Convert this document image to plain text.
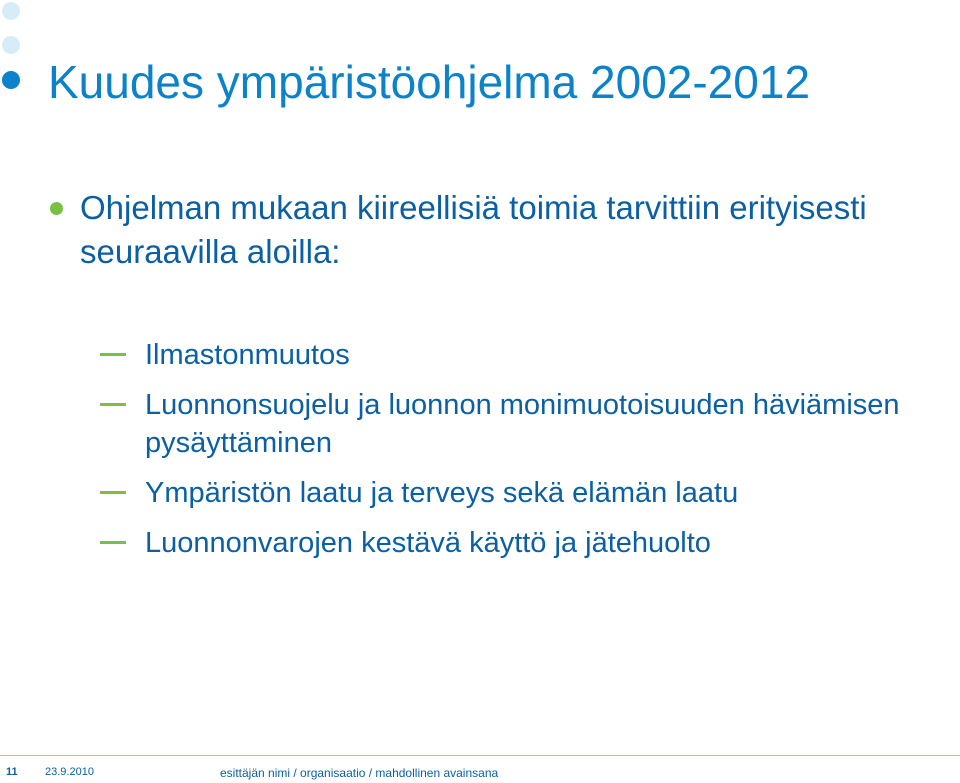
Kuudes ympäristöohjelma 2002-2012
Ohjelman mukaan kiireellisiä toimia tarvittiin erityisesti seuraavilla aloilla:
Ilmastonmuutos
Luonnonsuojelu ja luonnon monimuotoisuuden häviämisen pysäyttäminen
Ympäristön laatu ja terveys sekä elämän laatu
Luonnonvarojen kestävä käyttö ja jätehuolto
11 23.9.2010	esittäjän nimi / organisaatio / mahdollinen avainsana
